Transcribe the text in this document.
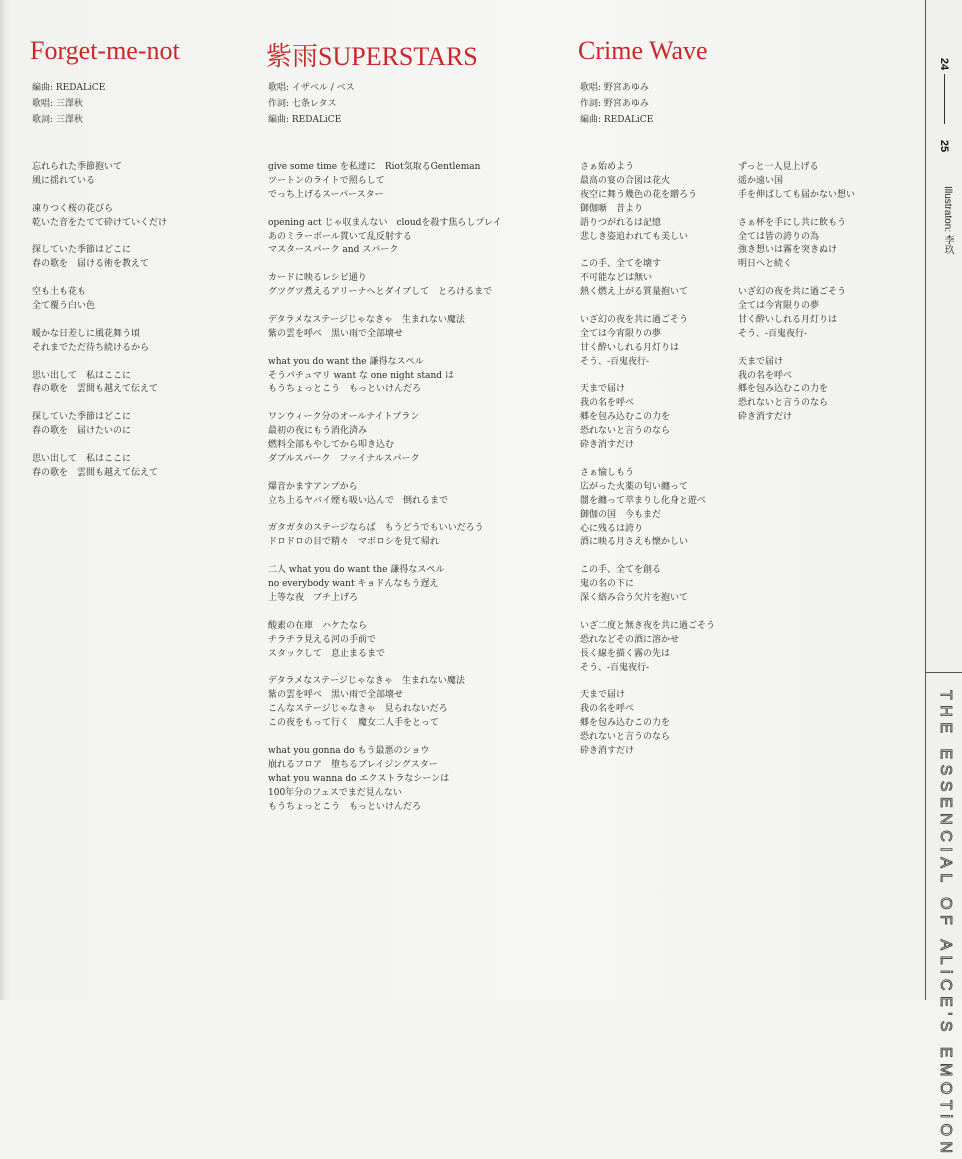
Forget-me-not
編曲: REDALiCE
歌唱: 三澤秋
歌詞: 三澤秋
忘れられた季節抱いて
風に揺れている
凍りつく桜の花びら
乾いた音をたてて砕けていくだけ
探していた季節はどこに
春の歌を　届ける術を教えて
空も土も花も
全て覆う白い色
暖かな日差しに風花舞う頃
それまでただ待ち続けるから
思い出して　私はここに
春の歌を　雲間も越えて伝えて
探していた季節はどこに
春の歌を　届けたいのに
思い出して　私はここに
春の歌を　雲間も越えて伝えて
紫雨SUPERSTARS
歌唱: イザベル / ベス
作詞: 七条レタス
編曲: REDALiCE
give some time を私達に　Riot気取るGentleman
ツートンのライトで照らして
でっち上げるスーパースター
opening act じゃ収まんない　cloudを殺す焦らしプレイ
あのミラーボール貫いて乱反射する
マスタースパーク and スパーク
カードに映るレシピ通り
グツグツ煮えるアリーナへとダイブして　とろけるまで
デタラメなステージじゃなきゃ　生まれない魔法
紫の雲を呼べ　黒い雨で全部壊せ
what you do want the 謙得なスペル
そうパチュマリ want な one night stand は
もうちょっとこう　もっといけんだろ
ワンウィーク分のオールナイトプラン
最初の夜にもう消化済み
燃料全部もやしてから叩き込む
ダブルスパーク　ファイナルスパーク
爆音かますアンプから
立ち上るヤバイ煙も吸い込んで　倒れるまで
ガタガタのステージならば　もうどうでもいいだろう
ドロドロの目で精々　マボロシを見て帰れ
二人 what you do want the 謙得なスペル
no everybody want キョドんなもう遅え
上等な夜　ブチ上げろ
酸素の在庫　ハケたなら
チラチラ見える河の手前で
スタックして　息止まるまで
デタラメなステージじゃなきゃ　生まれない魔法
紫の雲を呼べ　黒い雨で全部壊せ
こんなステージじゃなきゃ　見られないだろ
この夜をもって行く　魔女二人手をとって
what you gonna do もう最悪のショウ
崩れるフロア　堕ちるブレイジングスター
what you wanna do エクストラなシーンは
100年分のフェスでまだ見んない
もうちょっとこう　もっといけんだろ
Crime Wave
歌唱: 野宮あゆみ
作詞: 野宮あゆみ
編曲: REDALiCE
さぁ始めよう
最高の宴の合図は花火
夜空に舞う幾色の花を贈ろう
御伽噺　昔より
語りつがれるは記憶
悲しき姿追われても美しい
この手、全てを壊す
不可能などは無い
熱く燃え上がる質量抱いて
いざ幻の夜を共に過ごそう
全ては今宵限りの夢
甘く酔いしれる月灯りは
そう、-百鬼夜行-
天まで届け
我の名を呼べ
郷を包み込むこの力を
恐れないと言うのなら
砕き消すだけ
さぁ愉しもう
広がった火薬の匂い纏って
闇を纏って萃まりし化身と遊べ
御伽の国　今もまだ
心に残るは誇り
酒に映る月さえも懐かしい
この手、全てを創る
鬼の名の下に
深く絡み合う欠片を抱いて
いざ二度と無き夜を共に過ごそう
恐れなどその酒に溶かせ
長く線を描く霧の先は
そう、-百鬼夜行-
天まで届け
我の名を呼べ
郷を包み込むこの力を
恐れないと言うのなら
砕き消すだけ
ずっと一人見上げる
遥か遠い国
手を伸ばしても届かない想い
さぁ杯を手にし共に飲もう
全ては皆の誇りの為
強き想いは霧を突きぬけ
明日へと続く
いざ幻の夜を共に過ごそう
全ては今宵限りの夢
甘く酔いしれる月灯りは
そう、-百鬼夜行-
天まで届け
我の名を呼べ
郷を包み込むこの力を
恐れないと言うのなら
砕き消すだけ
24
25
Illustraton: 李玖
THE ESSENCIAL OF ALiCE'S EMOTiON
